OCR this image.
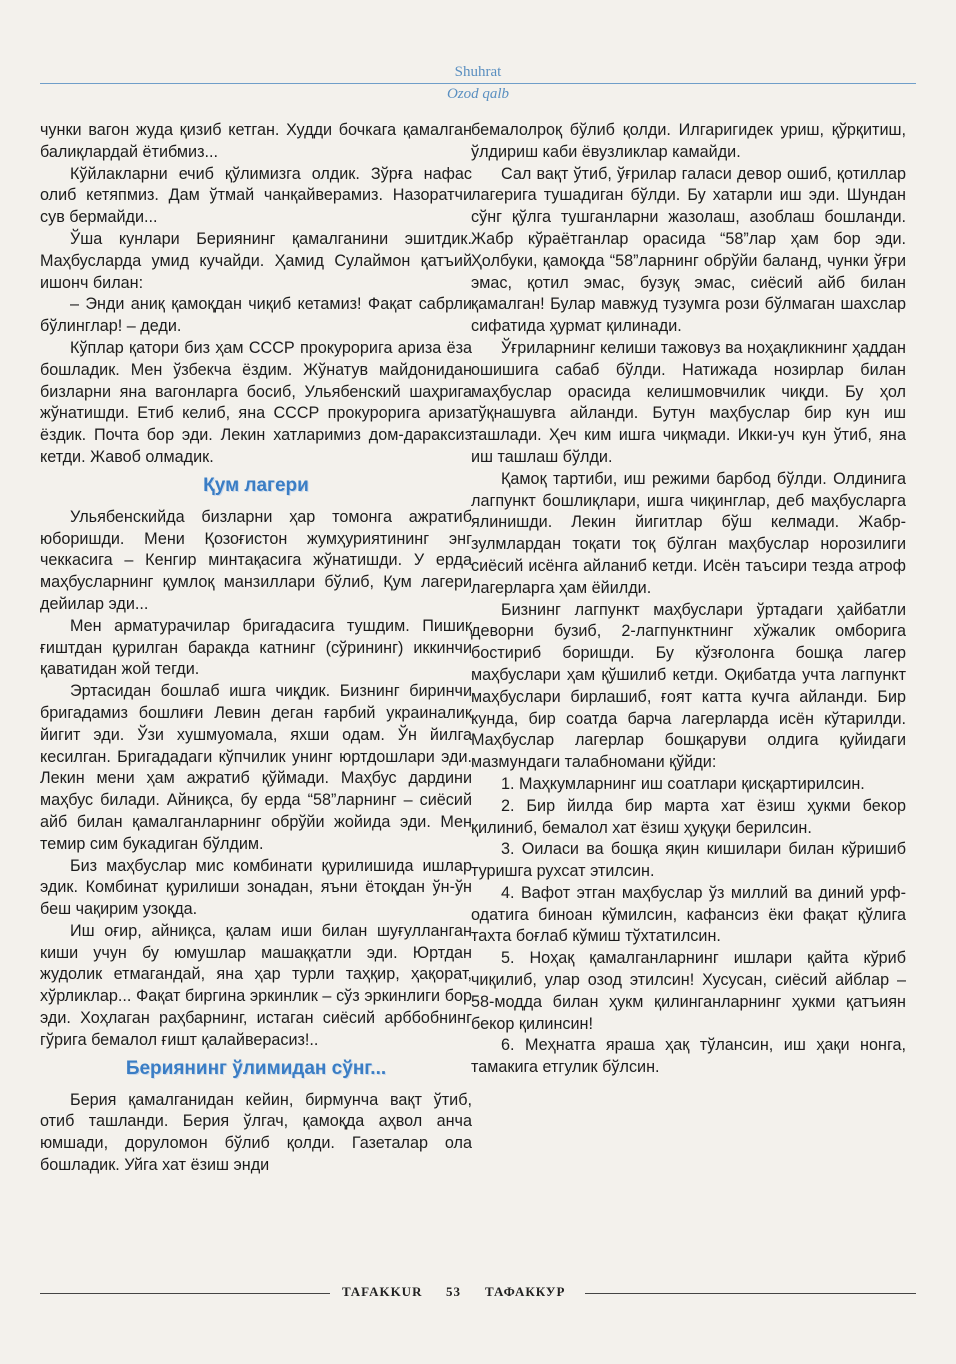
Shuhrat
Ozod qalb

чунки вагон жуда қизиб кетган. Худди бочкага қамалган балиқлардай ётибмиз...

Кўйлакларни ечиб қўлимизга олдик. Зўрға нафас олиб кетяпмиз. Дам ўтмай чанқайверамиз. Назоратчи сув бермайди...

Ўша кунлари Бериянинг қамалганини эшитдик. Маҳбусларда умид кучайди. Ҳамид Сулаймон қатъий ишонч билан:

– Энди аниқ қамоқдан чиқиб кетамиз! Фақат сабрли бўлинглар! – деди.

Кўплар қатори биз ҳам СССР прокурорига ариза ёза бошладик. Мен ўзбекча ёздим. Жўнатув майдонидан бизларни яна вагонларга босиб, Ульябенский шаҳрига жўнатишди. Етиб келиб, яна СССР прокурорига ариза ёздик. Почта бор эди. Лекин хатларимиз дом-дараксиз кетди. Жавоб олмадик.

Қум лагери

Ульябенскийда бизларни ҳар томонга ажратиб юборишди. Мени Қозоғистон жумҳуриятининг энг чеккасига – Кенгир минтақасига жўнатишди. У ерда маҳбусларнинг қумлоқ манзиллари бўлиб, Қум лагери дейилар эди...

Мен арматурачилар бригадасига тушдим. Пишиқ ғиштдан қурилган баракда катнинг (сўрининг) иккинчи қаватидан жой тегди.

Эртасидан бошлаб ишга чиқдик. Бизнинг биринчи бригадамиз бошлиғи Левин деган ғарбий украиналик йигит эди. Ўзи хушмуомала, яхши одам. Ўн йилга кесилган. Бригададаги кўпчилик унинг юртдошлари эди. Лекин мени ҳам ажратиб қўймади. Маҳбус дардини маҳбус билади. Айниқса, бу ерда “58”ларнинг – сиёсий айб билан қамалганларнинг обрўйи жойида эди. Мен темир сим букадиган бўлдим.

Биз маҳбуслар мис комбинати қурилишида ишлар эдик. Комбинат қурилиши зонадан, яъни ётоқдан ўн-ўн беш чақирим узоқда.

Иш оғир, айниқса, қалам иши билан шуғулланган киши учун бу юмушлар машаққатли эди. Юртдан жудолик етмагандай, яна ҳар турли таҳқир, ҳақорат, хўрликлар... Фақат биргина эркинлик – сўз эркинлиги бор эди. Хоҳлаган раҳбарнинг, истаган сиёсий арббобнинг гўрига бемалол ғишт қалайверасиз!..

Бериянинг ўлимидан сўнг...

Берия қамалганидан кейин, бирмунча вақт ўтиб, отиб ташланди. Берия ўлгач, қамоқда аҳвол анча юмшади, доруломон бўлиб қолди. Газеталар ола бошладик. Уйга хат ёзиш энди

бемалолроқ бўлиб қолди. Илгаригидек уриш, қўрқитиш, ўлдириш каби ёвузликлар камайди.

Сал вақт ўтиб, ўғрилар галаси девор ошиб, қотиллар лагерига тушадиган бўлди. Бу хатарли иш эди. Шундан сўнг қўлга тушганларни жазолаш, азоблаш бошланди. Жабр кўраётганлар орасида “58”лар ҳам бор эди. Ҳолбуки, қамоқда “58”ларнинг обрўйи баланд, чунки ўғри эмас, қотил эмас, бузуқ эмас, сиёсий айб билан қамалган! Булар мавжуд тузумга рози бўлмаган шахслар сифатида ҳурмат қилинади.

Ўғриларнинг келиши тажовуз ва ноҳақликнинг ҳаддан ошишига сабаб бўлди. Натижада нозирлар билан маҳбуслар орасида келишмовчилик чиқди. Бу ҳол тўқнашувга айланди. Бутун маҳбуслар бир кун иш ташлади. Ҳеч ким ишга чиқмади. Икки-уч кун ўтиб, яна иш ташлаш бўлди.

Қамоқ тартиби, иш режими барбод бўлди. Олдинига лагпункт бошлиқлари, ишга чиқинглар, деб маҳбусларга ялинишди. Лекин йигитлар бўш келмади. Жабр-зулмлардан тоқати тоқ бўлган маҳбуслар норозилиги сиёсий исёнга айланиб кетди. Исён таъсири тезда атроф лагерларга ҳам ёйилди.

Бизнинг лагпункт маҳбуслари ўртадаги ҳайбатли деворни бузиб, 2-лагпунктнинг хўжалик омборига бостириб боришди. Бу кўзғолонга бошқа лагер маҳбуслари ҳам қўшилиб кетди. Оқибатда учта лагпункт маҳбуслари бирлашиб, ғоят катта кучга айланди. Бир кунда, бир соатда барча лагерларда исён кўтарилди. Маҳбуслар лагерлар бошқаруви олдига қуйидаги мазмундаги талабномани қўйди:

1. Маҳкумларнинг иш соатлари қисқартирилсин.

2. Бир йилда бир марта хат ёзиш ҳукми бекор қилиниб, бемалол хат ёзиш ҳуқуқи берилсин.

3. Оиласи ва бошқа яқин кишилари билан кўришиб туришга рухсат этилсин.

4. Вафот этган маҳбуслар ўз миллий ва диний урф-одатига биноан кўмилсин, кафансиз ёки фақат қўлига тахта боғлаб кўмиш тўхтатилсин.

5. Ноҳақ қамалганларнинг ишлари қайта кўриб чиқилиб, улар озод этилсин! Хусусан, сиёсий айблар – 58-модда билан ҳукм қилинганларнинг ҳукми қатъиян бекор қилинсин!

6. Меҳнатга яраша ҳақ тўлансин, иш ҳақи нонга, тамакига етгулик бўлсин.

TAFAKKUR 53 ТАФАККУР
